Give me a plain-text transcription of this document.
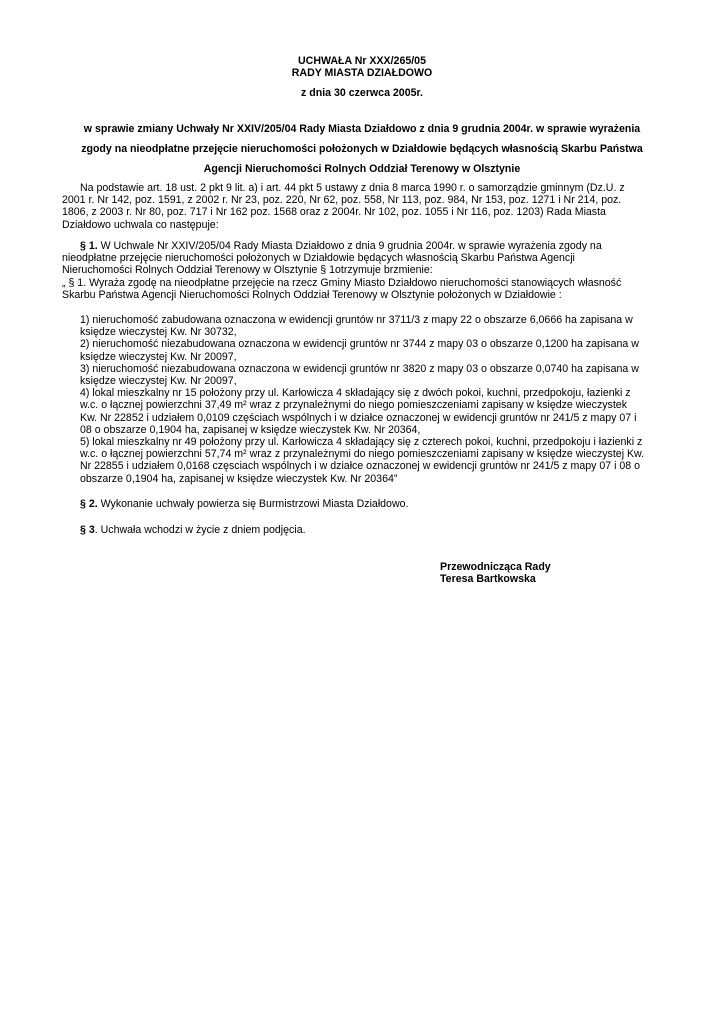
UCHWAŁA Nr XXX/265/05
RADY MIASTA DZIAŁDOWO
z dnia 30 czerwca 2005r.
w sprawie zmiany Uchwały Nr XXIV/205/04 Rady Miasta Działdowo z dnia 9 grudnia 2004r. w sprawie wyrażenia
zgody na nieodpłatne przejęcie nieruchomości położonych w Działdowie będących własnością Skarbu Państwa
Agencji Nieruchomości Rolnych Oddział Terenowy w Olsztynie
Na podstawie art. 18 ust. 2 pkt 9 lit. a) i art. 44 pkt 5 ustawy z dnia 8 marca 1990 r. o samorządzie gminnym (Dz.U. z
2001 r. Nr 142, poz. 1591, z 2002 r. Nr 23, poz. 220, Nr 62, poz. 558, Nr 113, poz. 984, Nr 153, poz. 1271 i Nr 214, poz.
1806, z 2003 r. Nr 80, poz. 717 i Nr 162 poz. 1568 oraz z 2004r. Nr 102, poz. 1055 i Nr 116, poz. 1203) Rada Miasta
Działdowo uchwala co następuje:
§ 1. W Uchwale Nr XXIV/205/04 Rady Miasta Działdowo z dnia 9 grudnia 2004r. w sprawie wyrażenia zgody na
nieodpłatne przejęcie nieruchomości położonych w Działdowie będących własnością Skarbu Państwa Agencji
Nieruchomości Rolnych Oddział Terenowy w Olsztynie § 1otrzymuje brzmienie:
„ § 1. Wyraża zgodę na nieodpłatne przejęcie na rzecz Gminy Miasto Działdowo nieruchomości stanowiących własność
Skarbu Państwa Agencji Nieruchomości Rolnych Oddział Terenowy w Olsztynie położonych w Działdowie :
1) nieruchomość zabudowana oznaczona w ewidencji gruntów nr 3711/3 z mapy 22 o obszarze 6,0666 ha zapisana w
księdze wieczystej Kw. Nr 30732,
2) nieruchomość niezabudowana oznaczona w ewidencji gruntów nr 3744 z mapy 03 o obszarze 0,1200 ha zapisana w
księdze wieczystej Kw. Nr 20097,
3) nieruchomość niezabudowana oznaczona w ewidencji gruntów nr 3820 z mapy 03 o obszarze 0,0740 ha zapisana w
księdze wieczystej Kw. Nr 20097,
4) lokal mieszkalny nr 15 położony przy ul. Karłowicza 4 składający się z dwóch pokoi, kuchni, przedpokoju, łazienki z
w.c. o łącznej powierzchni 37,49 m² wraz z przynależnymi do niego pomieszczeniami zapisany w księdze wieczystek
Kw. Nr 22852 i udziałem 0,0109 częściach wspólnych i w działce oznaczonej w ewidencji gruntów nr 241/5 z mapy 07 i
08 o obszarze 0,1904 ha, zapisanej w księdze wieczystek Kw. Nr 20364,
5) lokal mieszkalny nr 49 położony przy ul. Karłowicza 4 składający się z czterech pokoi, kuchni, przedpokoju i łazienki z
w.c. o łącznej powierzchni 57,74 m² wraz z przynależnymi do niego pomieszczeniami zapisany w księdze wieczystej Kw.
Nr 22855 i udziałem 0,0168 częsciach wspólnych i w działce oznaczonej w ewidencji gruntów nr 241/5 z mapy 07 i 08 o
obszarze 0,1904 ha, zapisanej w księdze wieczystek Kw. Nr 20364”
§ 2. Wykonanie uchwały powierza się Burmistrzowi Miasta Działdowo.
§ 3. Uchwała wchodzi w życie z dniem podjęcia.
Przewodnicząca Rady
Teresa Bartkowska
